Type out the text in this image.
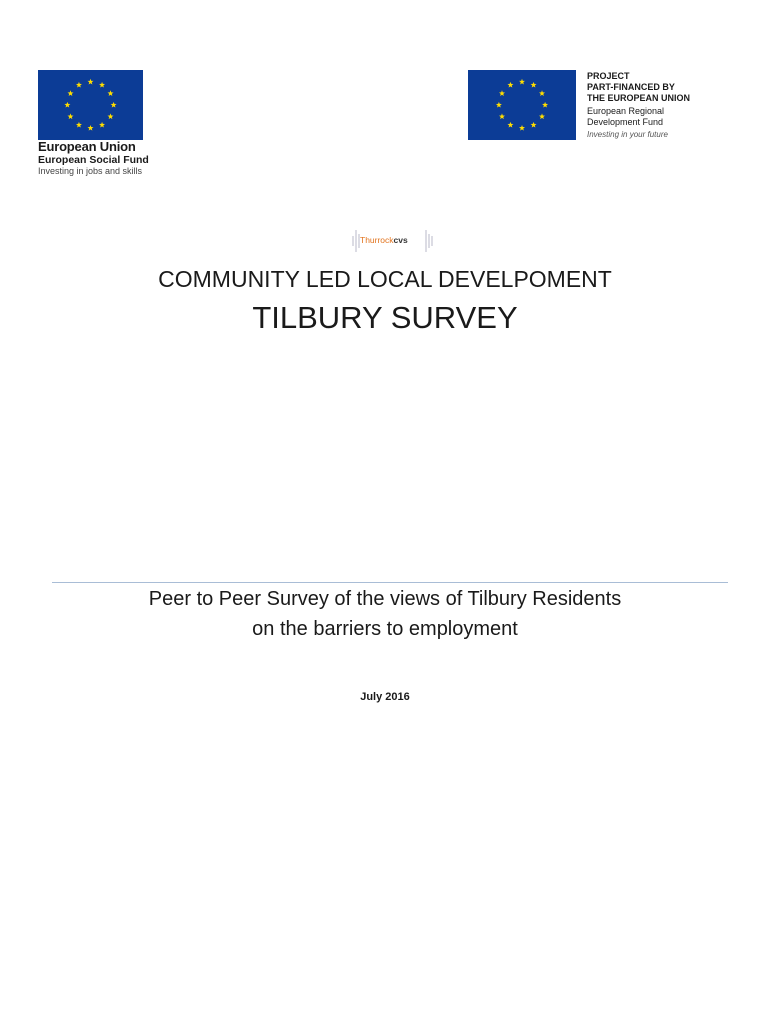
European Union
European Social Fund
Investing in jobs and skills
PROJECT
PART-FINANCED BY
THE EUROPEAN UNION
European Regional
Development Fund
Investing in your future
Thurrockcvs
COMMUNITY LED LOCAL DEVELPOMENT
TILBURY SURVEY
Peer to Peer Survey of the views of Tilbury Residents
on the barriers to employment
July 2016
